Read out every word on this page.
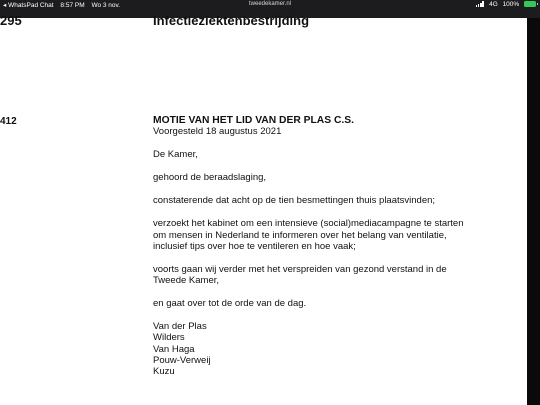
◂ WhatsPad Chat 8:57 PM Wo 3 nov.	tweedekamer.nl	4G 100%
295	Infectieziektenbestrijding
412	MOTIE VAN HET LID VAN DER PLAS C.S.

Voorgesteld 18 augustus 2021

De Kamer,

gehoord de beraadslaging,

constaterende dat acht op de tien besmettingen thuis plaatsvinden;

verzoekt het kabinet om een intensieve (social)mediacampagne te starten

om mensen in Nederland te informeren over het belang van ventilatie,

inclusief tips over hoe te ventileren en hoe vaak;

voorts gaan wij verder met het verspreiden van gezond verstand in de

Tweede Kamer,

en gaat over tot de orde van de dag.

Van der Plas
Wilders
Van Haga
Pouw-Verweij
Kuzu
